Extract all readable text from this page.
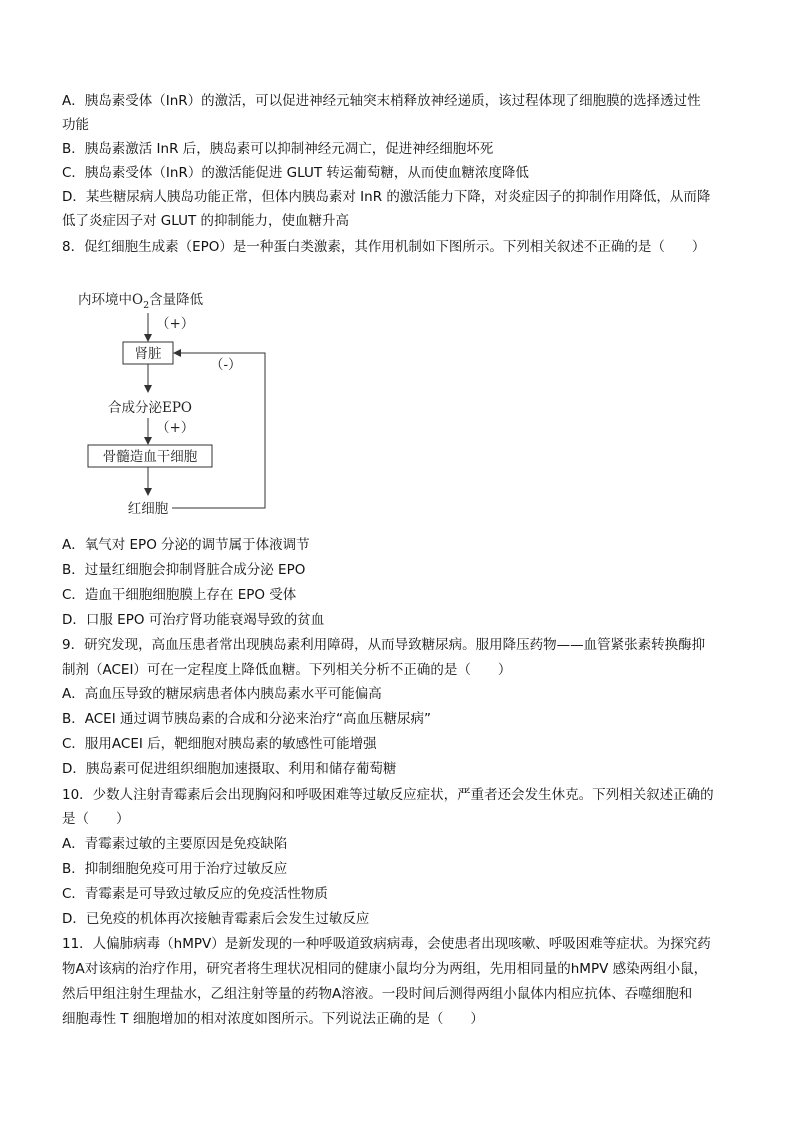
A．胰岛素受体（InR）的激活，可以促进神经元轴突末梢释放神经递质，该过程体现了细胞膜的选择透过性
功能
B．胰岛素激活 InR 后，胰岛素可以抑制神经元凋亡，促进神经细胞坏死
C．胰岛素受体（InR）的激活能促进 GLUT 转运葡萄糖，从而使血糖浓度降低
D．某些糖尿病人胰岛功能正常，但体内胰岛素对 InR 的激活能力下降，对炎症因子的抑制作用降低，从而降
低了炎症因子对 GLUT 的抑制能力，使血糖升高
8．促红细胞生成素（EPO）是一种蛋白类激素，其作用机制如下图所示。下列相关叙述不正确的是（　　）
内环境中$O_2$含量降低
（+）
肾脏
合成分泌EPO
（+）
骨髓造血干细胞
红细胞
（-）
A．氧气对 EPO 分泌的调节属于体液调节
B．过量红细胞会抑制肾脏合成分泌 EPO
C．造血干细胞细胞膜上存在 EPO 受体
D．口服 EPO 可治疗肾功能衰竭导致的贫血
9．研究发现，高血压患者常出现胰岛素利用障碍，从而导致糖尿病。服用降压药物——血管紧张素转换酶抑
制剂（ACEI）可在一定程度上降低血糖。下列相关分析不正确的是（　　）
A．高血压导致的糖尿病患者体内胰岛素水平可能偏高
B．ACEI 通过调节胰岛素的合成和分泌来治疗“高血压糖尿病”
C．服用ACEI 后，靶细胞对胰岛素的敏感性可能增强
D．胰岛素可促进组织细胞加速摄取、利用和储存葡萄糖
10．少数人注射青霉素后会出现胸闷和呼吸困难等过敏反应症状，严重者还会发生休克。下列相关叙述正确的
是（　　）
A．青霉素过敏的主要原因是免疫缺陷
B．抑制细胞免疫可用于治疗过敏反应
C．青霉素是可导致过敏反应的免疫活性物质
D．已免疫的机体再次接触青霉素后会发生过敏反应
11．人偏肺病毒（hMPV）是新发现的一种呼吸道致病病毒，会使患者出现咳嗽、呼吸困难等症状。为探究药
物A对该病的治疗作用，研究者将生理状况相同的健康小鼠均分为两组，先用相同量的hMPV 感染两组小鼠，
然后甲组注射生理盐水，乙组注射等量的药物A溶液。一段时间后测得两组小鼠体内相应抗体、吞噬细胞和
细胞毒性 T 细胞增加的相对浓度如图所示。下列说法正确的是（　　）
